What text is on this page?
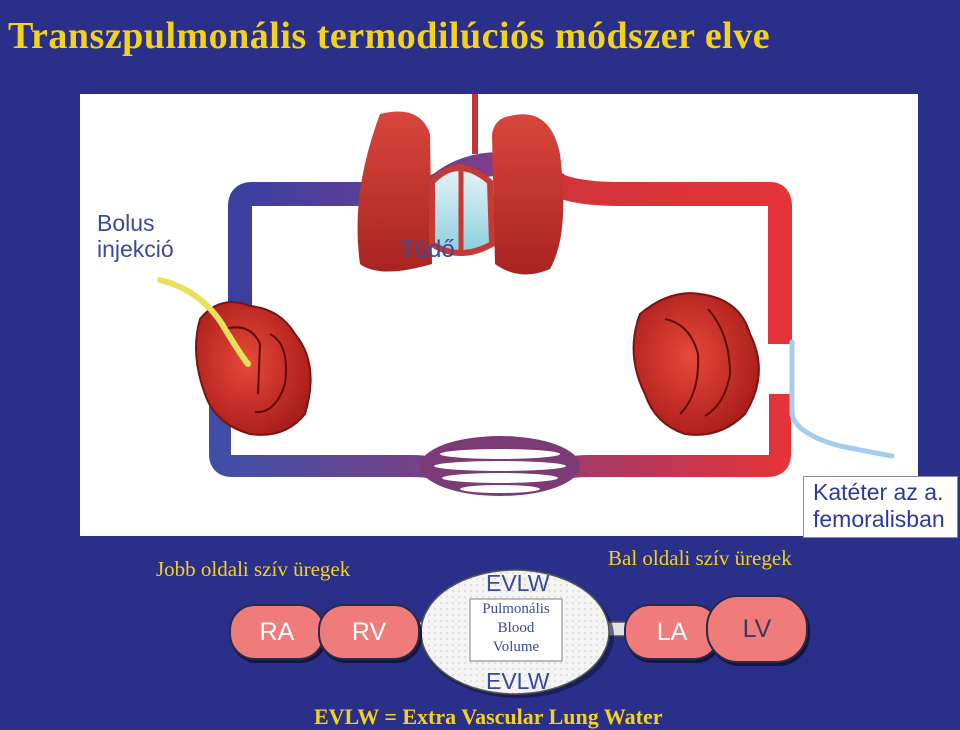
Transzpulmonális termodilúciós módszer elve
Bolus
injekció	Tüdő
Katéter az a.
femoralisban
Jobb oldali szív üregek	Bal oldali szív üregek
RA RV	LA LV
EVLW
Pulmonális
Blood
Volume
EVLW
EVLW = Extra Vascular Lung Water
